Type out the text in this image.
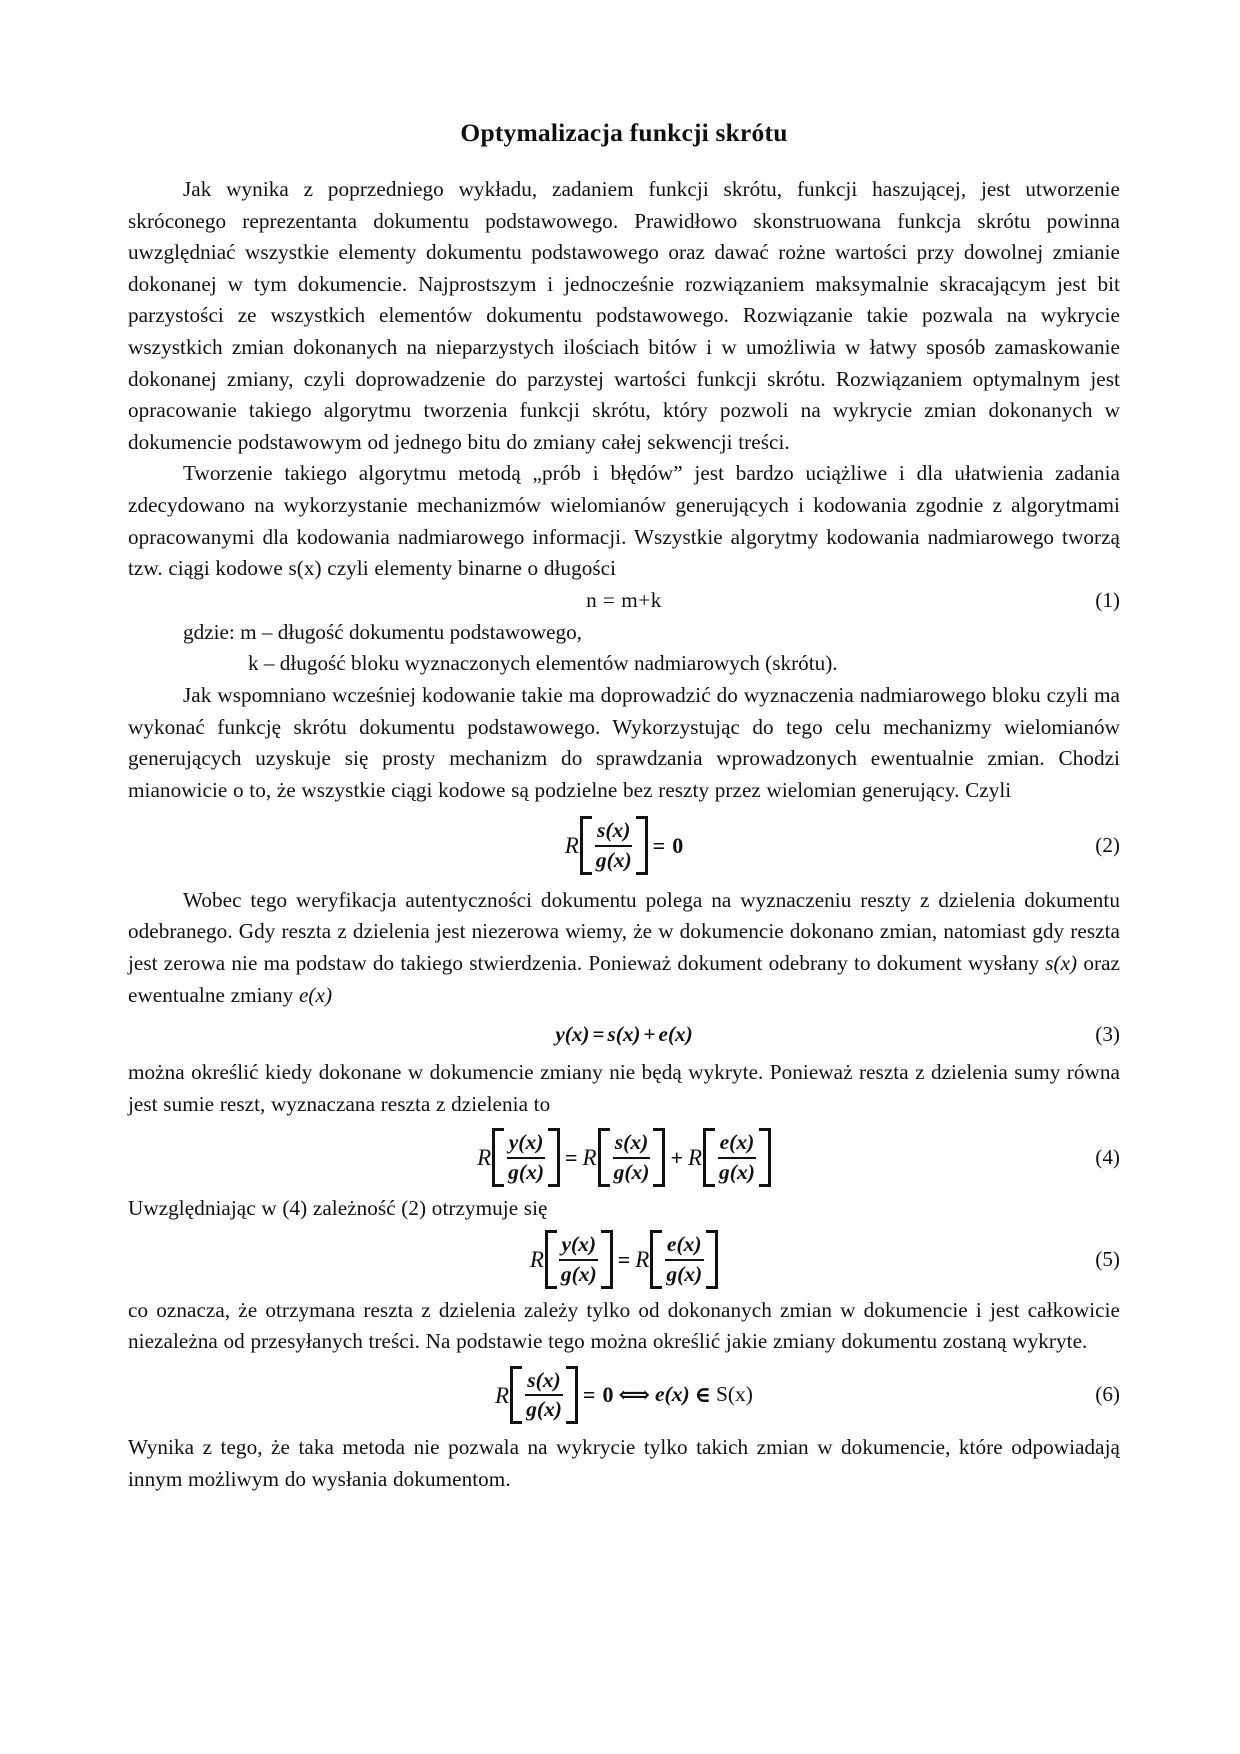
Optymalizacja funkcji skrótu

Jak wynika z poprzedniego wykładu, zadaniem funkcji skrótu, funkcji haszującej, jest utworzenie skróconego reprezentanta dokumentu podstawowego. Prawidłowo skonstruowana funkcja skrótu powinna uwzględniać wszystkie elementy dokumentu podstawowego oraz dawać rożne wartości przy dowolnej zmianie dokonanej w tym dokumencie. Najprostszym i jednocześnie rozwiązaniem maksymalnie skracającym jest bit parzystości ze wszystkich elementów dokumentu podstawowego. Rozwiązanie takie pozwala na wykrycie wszystkich zmian dokonanych na nieparzystych ilościach bitów i w umożliwia w łatwy sposób zamaskowanie dokonanej zmiany, czyli doprowadzenie do parzystej wartości funkcji skrótu. Rozwiązaniem optymalnym jest opracowanie takiego algorytmu tworzenia funkcji skrótu, który pozwoli na wykrycie zmian dokonanych w dokumencie podstawowym od jednego bitu do zmiany całej sekwencji treści.

Tworzenie takiego algorytmu metodą „prób i błędów” jest bardzo uciążliwe i dla ułatwienia zadania zdecydowano na wykorzystanie mechanizmów wielomianów generujących i kodowania zgodnie z algorytmami opracowanymi dla kodowania nadmiarowego informacji. Wszystkie algorytmy kodowania nadmiarowego tworzą tzw. ciągi kodowe s(x) czyli elementy binarne o długości

n = m+k	(1)
gdzie: m – długość dokumentu podstawowego,
k – długość bloku wyznaczonych elementów nadmiarowych (skrótu).

Jak wspomniano wcześniej kodowanie takie ma doprowadzić do wyznaczenia nadmiarowego bloku czyli ma wykonać funkcję skrótu dokumentu podstawowego. Wykorzystując do tego celu mechanizmy wielomianów generujących uzyskuje się prosty mechanizm do sprawdzania wprowadzonych ewentualnie zmian. Chodzi mianowicie o to, że wszystkie ciągi kodowe są podzielne bez reszty przez wielomian generujący. Czyli

R $\frac{s(x)}{g(x)} = 0$	(2)

Wobec tego weryfikacja autentyczności dokumentu polega na wyznaczeniu reszty z dzielenia dokumentu odebranego. Gdy reszta z dzielenia jest niezerowa wiemy, że w dokumencie dokonano zmian, natomiast gdy reszta jest zerowa nie ma podstaw do takiego stwierdzenia. Ponieważ dokument odebrany to dokument wysłany s(x) oraz ewentualne zmiany e(x)

y(x) = s(x) + e(x)	(3)

można określić kiedy dokonane w dokumencie zmiany nie będą wykryte. Ponieważ reszta z dzielenia sumy równa jest sumie reszt, wyznaczana reszta z dzielenia to

R $\frac{y(x)}{g(x)} = R \frac{s(x)}{g(x)} + R \frac{e(x)}{g(x)}$	(4)

Uwzględniając w (4) zależność (2) otrzymuje się

R $\frac{y(x)}{g(x)} = R \frac{e(x)}{g(x)}$	(5)

co oznacza, że otrzymana reszta z dzielenia zależy tylko od dokonanych zmian w dokumencie i jest całkowicie niezależna od przesyłanych treści. Na podstawie tego można określić jakie zmiany dokumentu zostaną wykryte.

R $\frac{s(x)}{g(x)} = 0$ ⟺ e(x) ∈ S(x)	(6)

Wynika z tego, że taka metoda nie pozwala na wykrycie tylko takich zmian w dokumencie, które odpowiadają innym możliwym do wysłania dokumentom.
